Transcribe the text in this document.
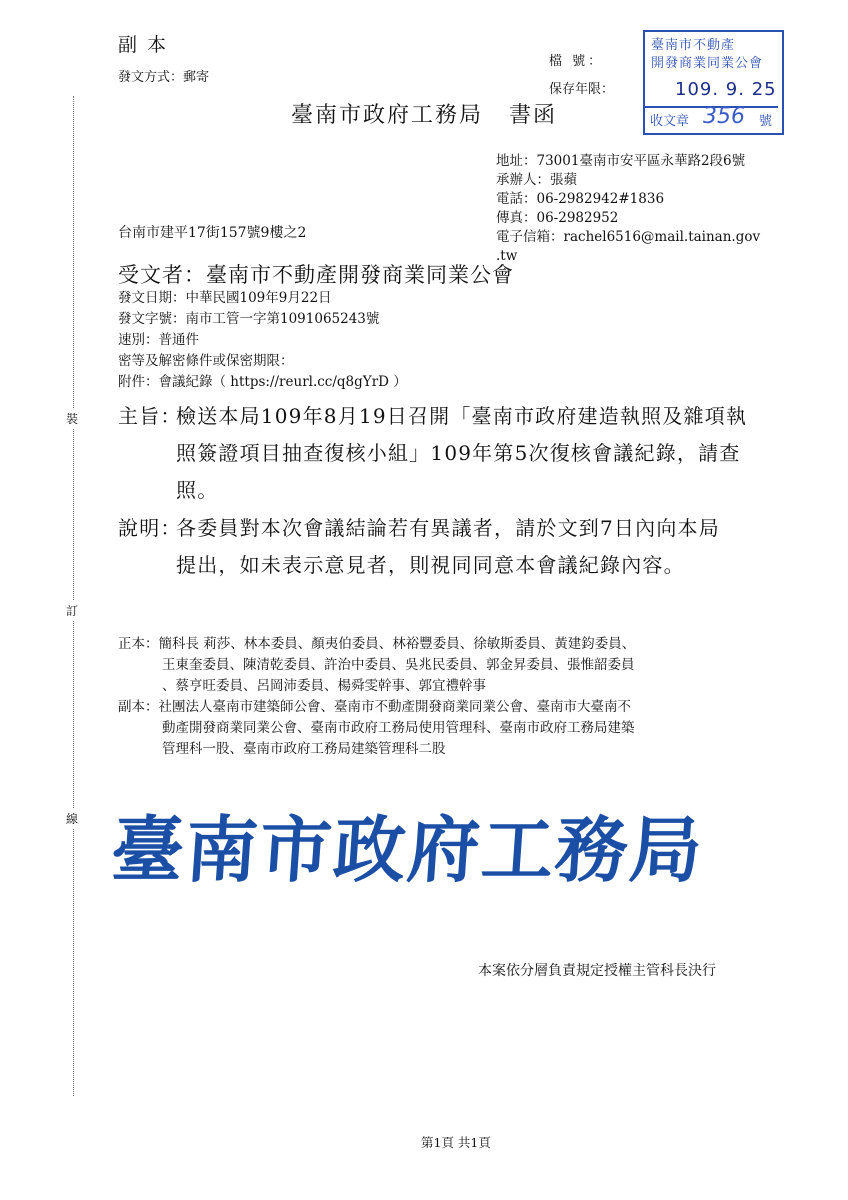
裝
訂
線
副 本
發文方式：郵寄
檔 號：
保存年限：
臺南市不動產
開發商業同業公會
109. 9. 25
收文章 356 號
臺南市政府工務局 書函
地址：73001臺南市安平區永華路2段6號
承辦人：張蘋
電話：06-2982942#1836
傳真：06-2982952
電子信箱：rachel6516@mail.tainan.gov
.tw
台南市建平17街157號9樓之2
受文者：臺南市不動產開發商業同業公會
發文日期：中華民國109年9月22日
發文字號：南市工管一字第1091065243號
速別：普通件
密等及解密條件或保密期限：
附件：會議紀錄（ https://reurl.cc/q8gYrD ）
主旨：檢送本局109年8月19日召開「臺南市政府建造執照及雜項執
照簽證項目抽查復核小組」109年第5次復核會議紀錄，請查
照。
說明：各委員對本次會議結論若有異議者，請於文到7日內向本局
提出，如未表示意見者，則視同同意本會議紀錄內容。
正本：簡科長 莉莎、林本委員、顏夷伯委員、林裕豐委員、徐敏斯委員、黃建鈞委員、
王東奎委員、陳清乾委員、許治中委員、吳兆民委員、郭金昇委員、張惟韶委員
、蔡亨旺委員、呂岡沛委員、楊舜雯幹事、郭宜禮幹事
副本：社團法人臺南市建築師公會、臺南市不動產開發商業同業公會、臺南市大臺南不
動產開發商業同業公會、臺南市政府工務局使用管理科、臺南市政府工務局建築
管理科一股、臺南市政府工務局建築管理科二股
臺南市政府工務局
本案依分層負責規定授權主管科長決行
第1頁 共1頁
